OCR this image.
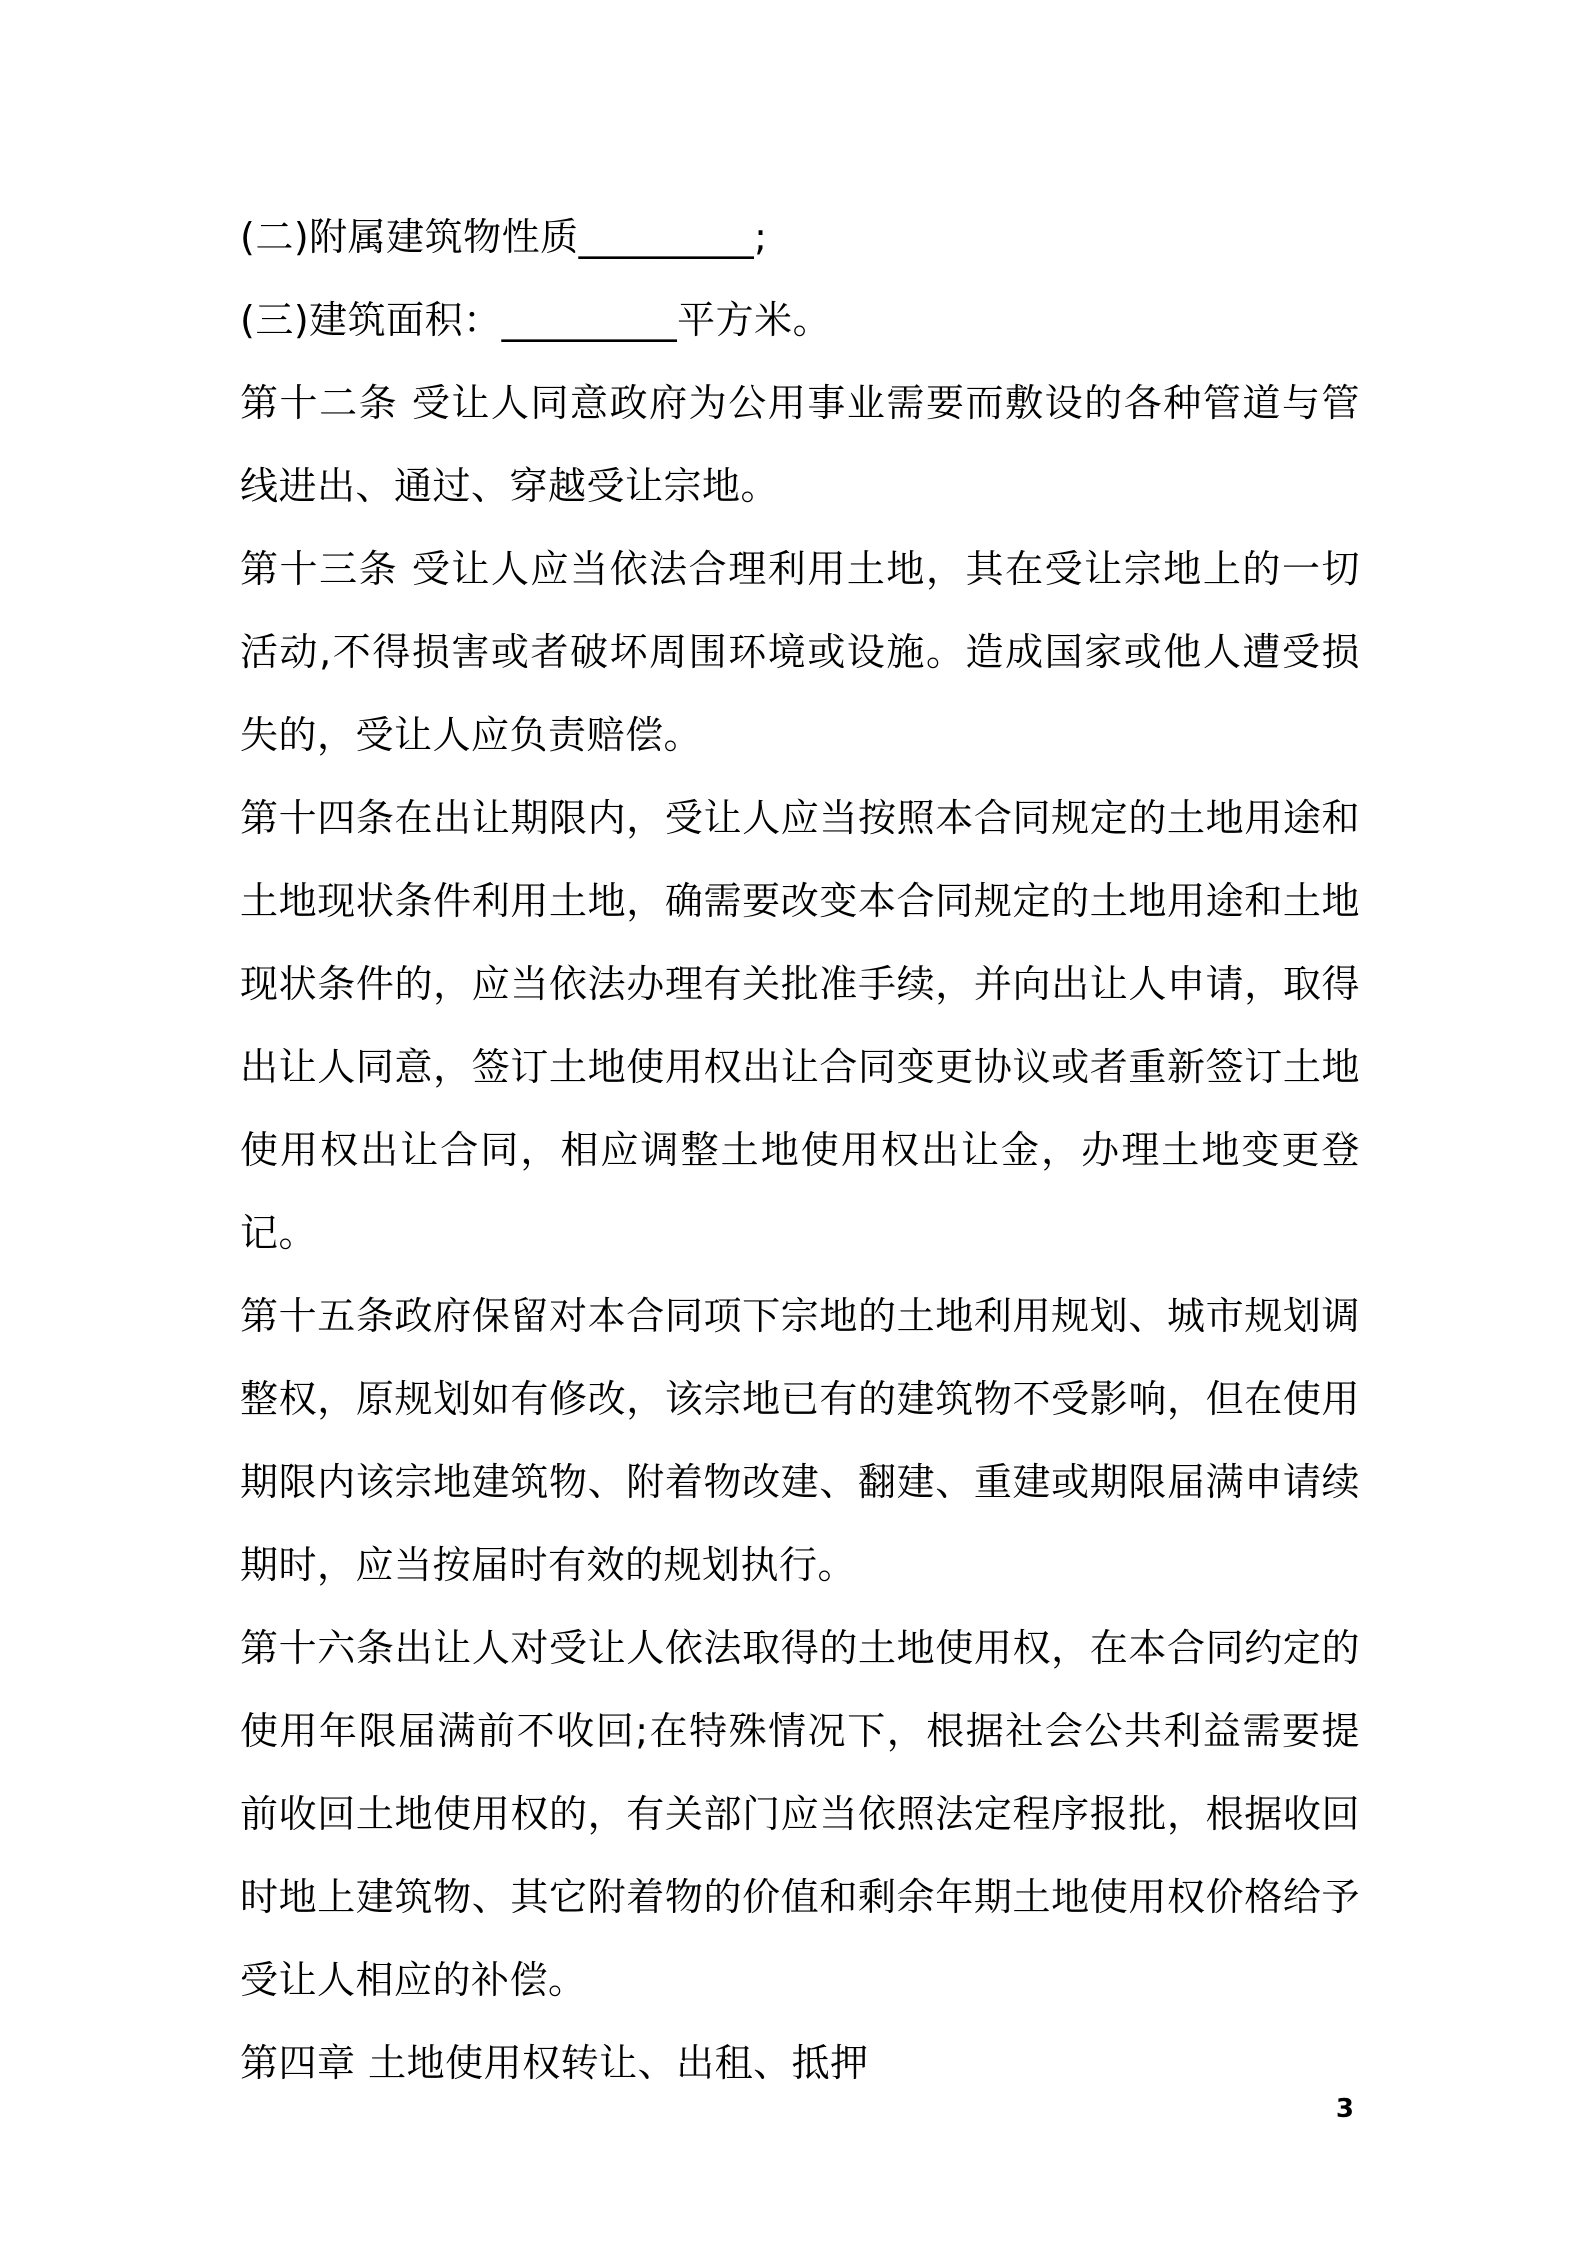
(二)附属建筑物性质_________;

(三)建筑面积：_________平方米。

第十二条 受让人同意政府为公用事业需要而敷设的各种管道与管线进出、通过、穿越受让宗地。

第十三条 受让人应当依法合理利用土地，其在受让宗地上的一切活动,不得损害或者破坏周围环境或设施。造成国家或他人遭受损失的，受让人应负责赔偿。

第十四条在出让期限内，受让人应当按照本合同规定的土地用途和土地现状条件利用土地，确需要改变本合同规定的土地用途和土地现状条件的，应当依法办理有关批准手续，并向出让人申请，取得出让人同意，签订土地使用权出让合同变更协议或者重新签订土地使用权出让合同，相应调整土地使用权出让金，办理土地变更登记。

第十五条政府保留对本合同项下宗地的土地利用规划、城市规划调整权，原规划如有修改，该宗地已有的建筑物不受影响，但在使用期限内该宗地建筑物、附着物改建、翻建、重建或期限届满申请续期时，应当按届时有效的规划执行。

第十六条出让人对受让人依法取得的土地使用权，在本合同约定的使用年限届满前不收回;在特殊情况下，根据社会公共利益需要提前收回土地使用权的，有关部门应当依照法定程序报批，根据收回时地上建筑物、其它附着物的价值和剩余年期土地使用权价格给予受让人相应的补偿。

第四章 土地使用权转让、出租、抵押

3
